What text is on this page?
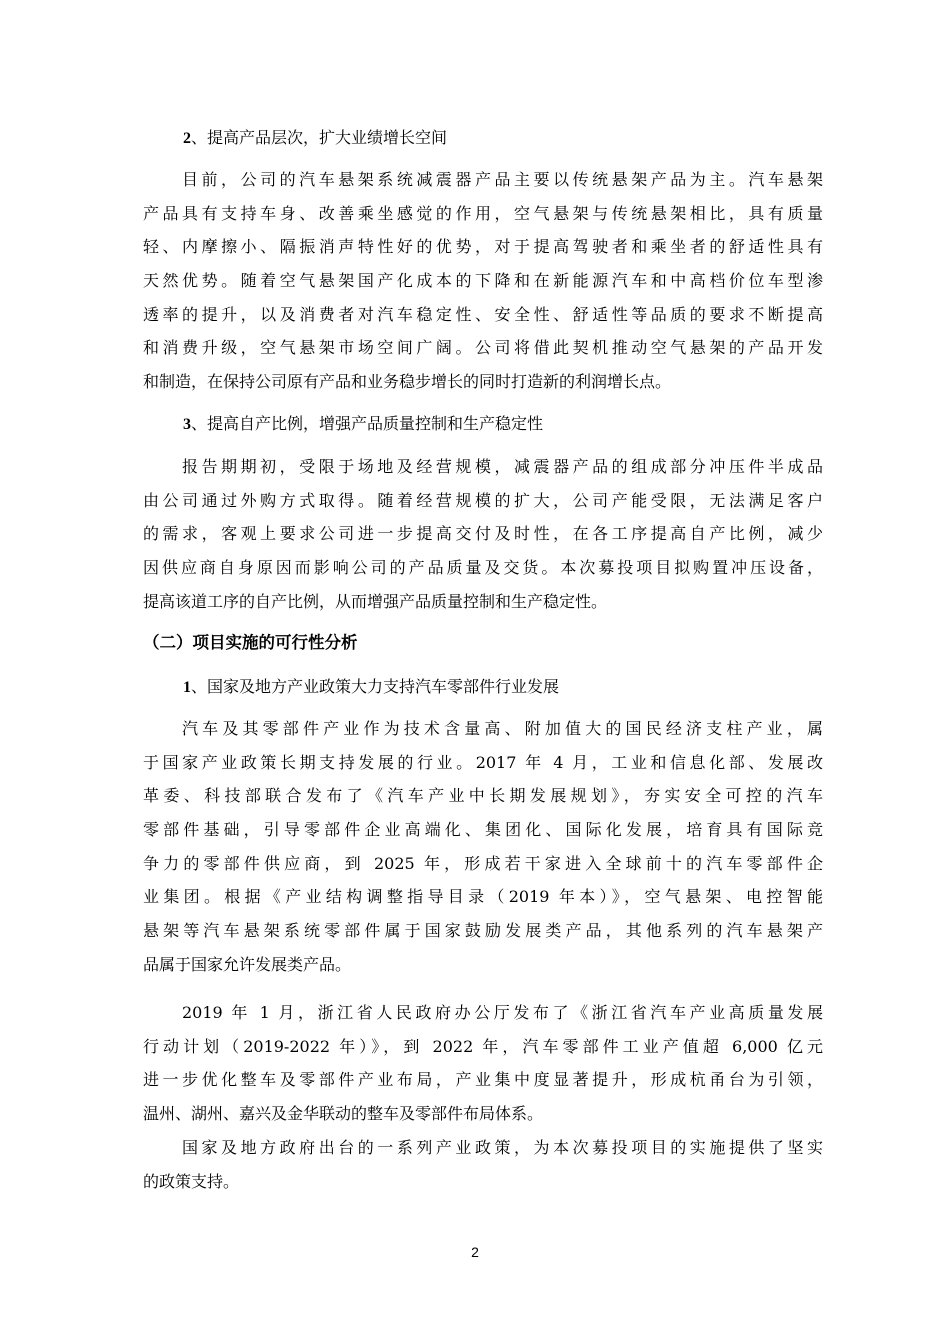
2、提高产品层次，扩大业绩增长空间
目前，公司的汽车悬架系统减震器产品主要以传统悬架产品为主。汽车悬架
产品具有支持车身、改善乘坐感觉的作用，空气悬架与传统悬架相比，具有质量
轻、内摩擦小、隔振消声特性好的优势，对于提高驾驶者和乘坐者的舒适性具有
天然优势。随着空气悬架国产化成本的下降和在新能源汽车和中高档价位车型渗
透率的提升，以及消费者对汽车稳定性、安全性、舒适性等品质的要求不断提高
和消费升级，空气悬架市场空间广阔。公司将借此契机推动空气悬架的产品开发
和制造，在保持公司原有产品和业务稳步增长的同时打造新的利润增长点。
3、提高自产比例，增强产品质量控制和生产稳定性
报告期期初，受限于场地及经营规模，减震器产品的组成部分冲压件半成品
由公司通过外购方式取得。随着经营规模的扩大，公司产能受限，无法满足客户
的需求，客观上要求公司进一步提高交付及时性，在各工序提高自产比例，减少
因供应商自身原因而影响公司的产品质量及交货。本次募投项目拟购置冲压设备，
提高该道工序的自产比例，从而增强产品质量控制和生产稳定性。
（二）项目实施的可行性分析
1、国家及地方产业政策大力支持汽车零部件行业发展
汽车及其零部件产业作为技术含量高、附加值大的国民经济支柱产业，属
于国家产业政策长期支持发展的行业。2017 年 4 月，工业和信息化部、发展改
革委、科技部联合发布了《汽车产业中长期发展规划》，夯实安全可控的汽车
零部件基础，引导零部件企业高端化、集团化、国际化发展，培育具有国际竞
争力的零部件供应商，到 2025 年，形成若干家进入全球前十的汽车零部件企
业集团。根据《产业结构调整指导目录（2019 年本）》，空气悬架、电控智能
悬架等汽车悬架系统零部件属于国家鼓励发展类产品，其他系列的汽车悬架产
品属于国家允许发展类产品。
2019 年 1 月，浙江省人民政府办公厅发布了《浙江省汽车产业高质量发展
行动计划（2019-2022 年）》，到 2022 年，汽车零部件工业产值超 6,000 亿元
进一步优化整车及零部件产业布局，产业集中度显著提升，形成杭甬台为引领，
温州、湖州、嘉兴及金华联动的整车及零部件布局体系。
国家及地方政府出台的一系列产业政策，为本次募投项目的实施提供了坚实
的政策支持。
2
